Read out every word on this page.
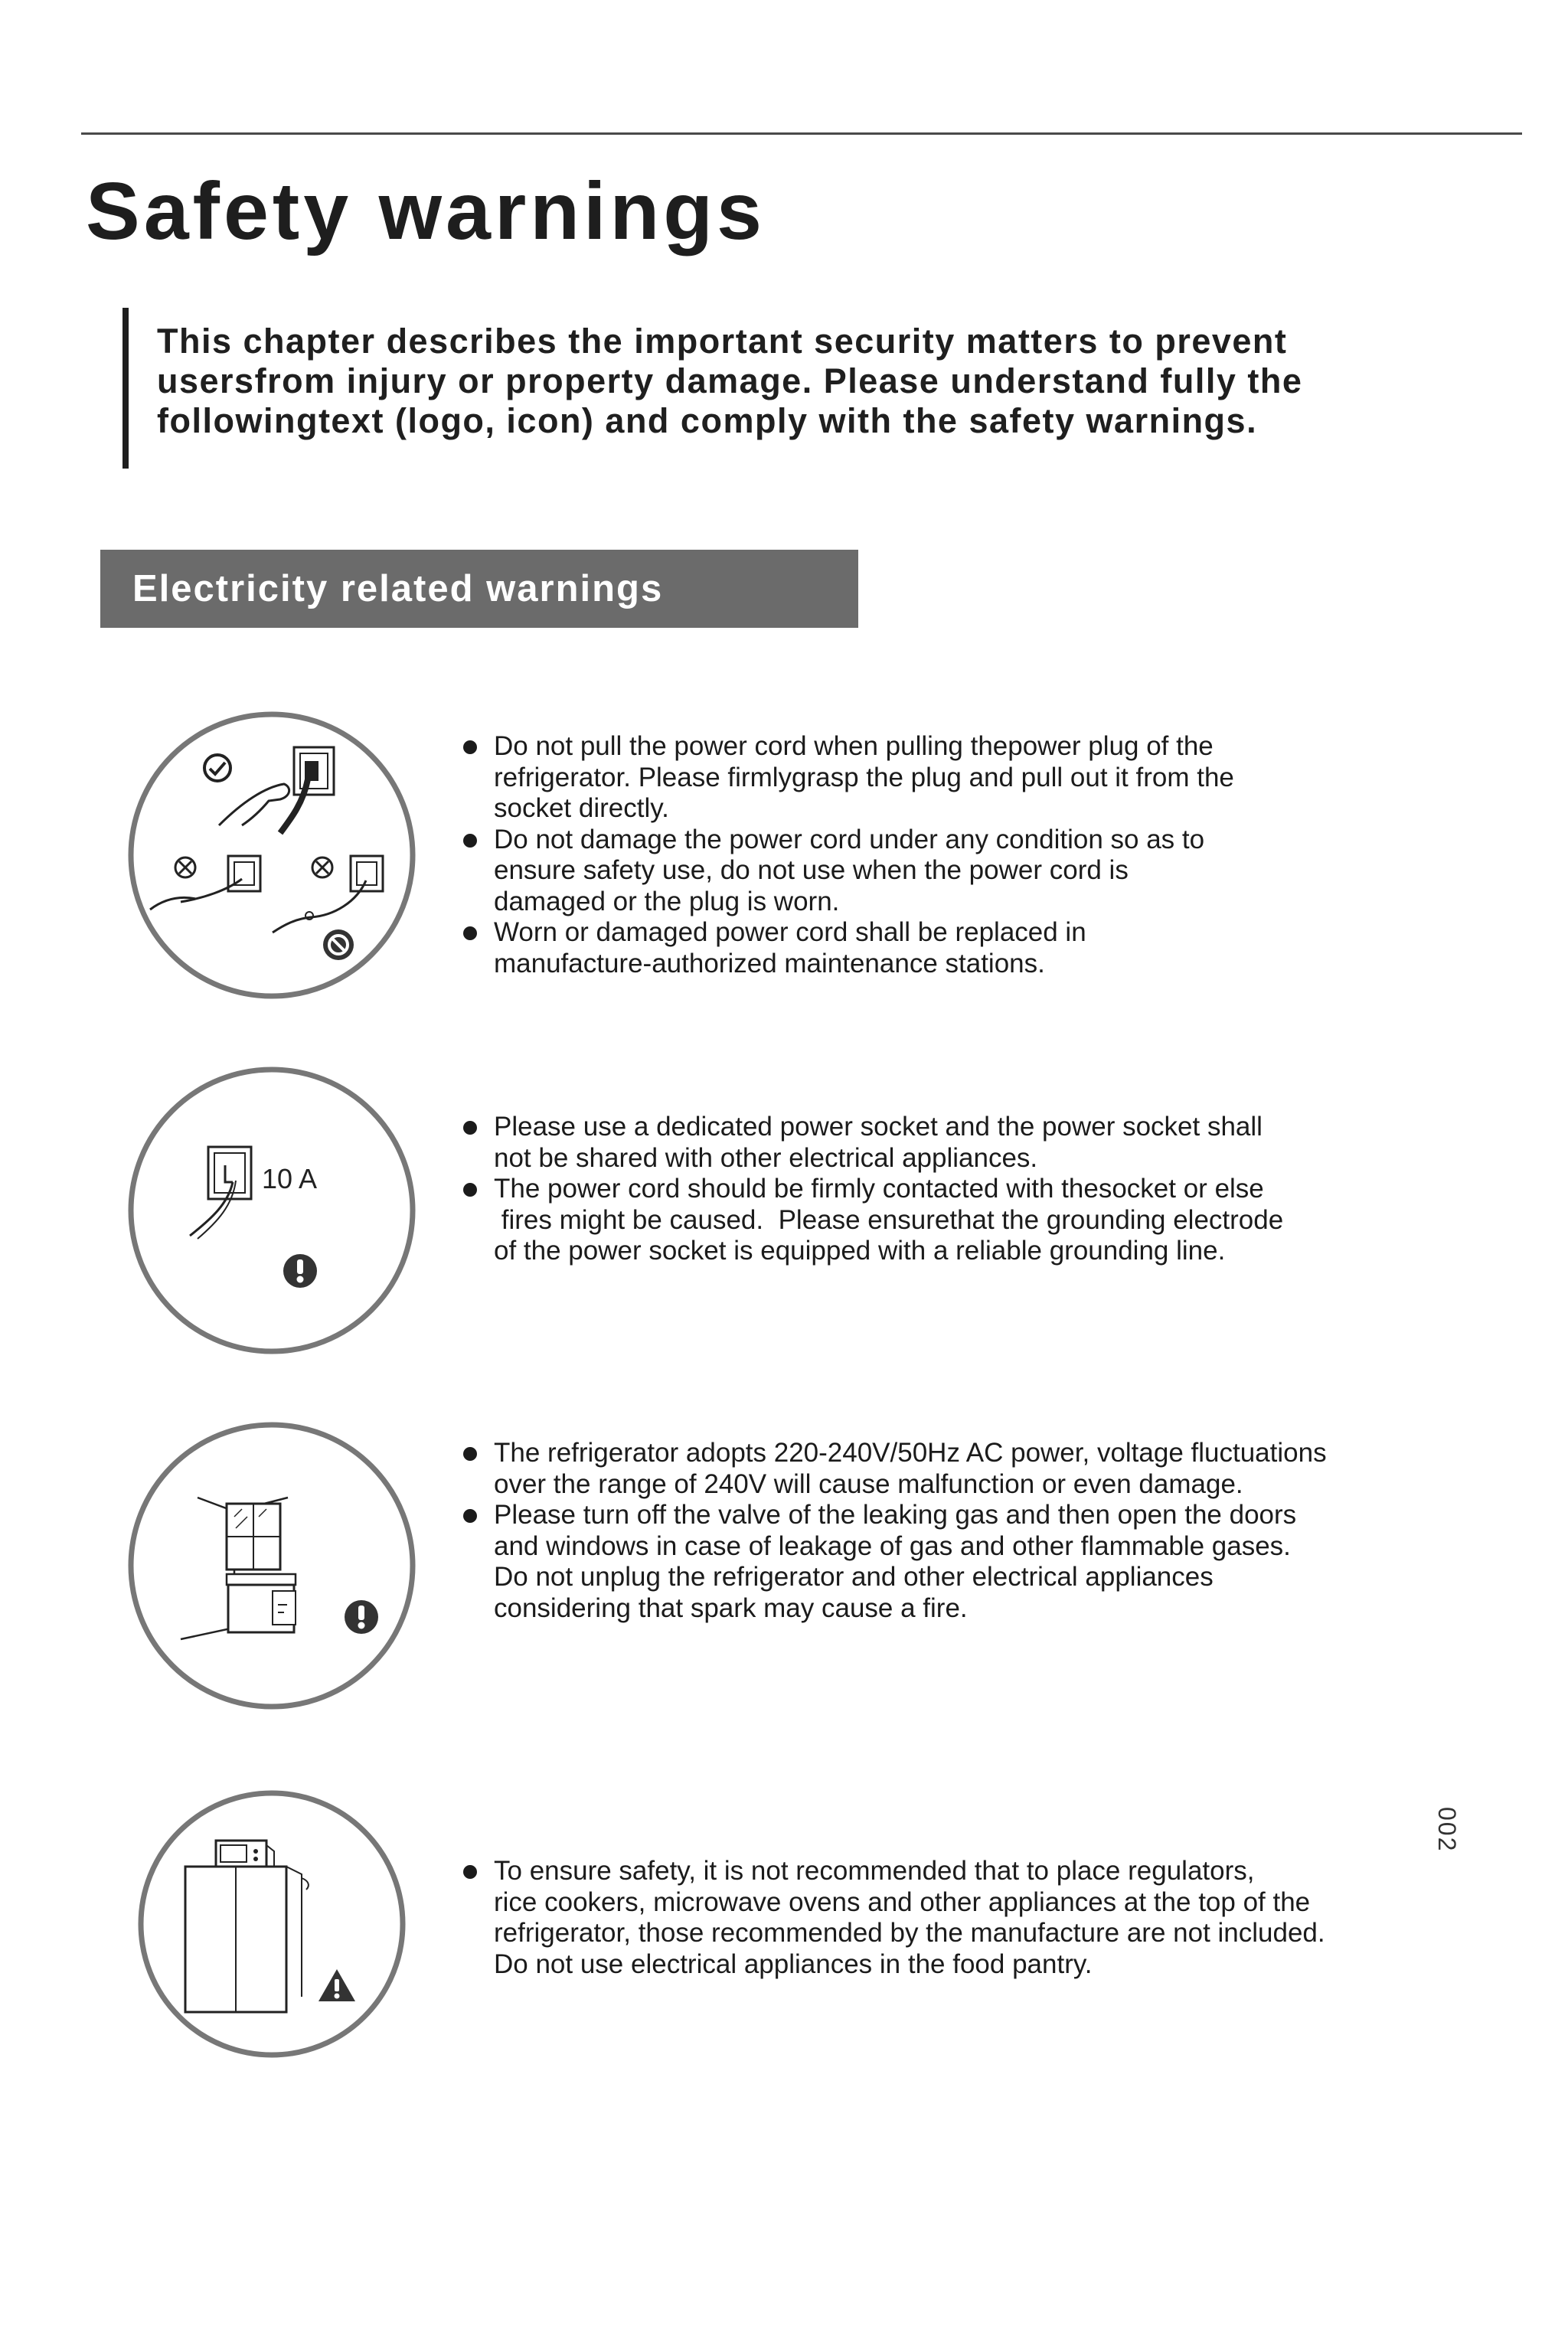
Safety warnings

This chapter describes the important security matters to prevent
usersfrom injury or property damage. Please understand fully the
followingtext (logo, icon) and comply with the safety warnings.

Electricity related warnings
Do not pull the power cord when pulling thepower plug of the
refrigerator. Please firmlygrasp the plug and pull out it from the
socket directly.
Do not damage the power cord under any condition so as to
ensure safety use, do not use when the power cord is
damaged or the plug is worn.
Worn or damaged power cord shall be replaced in
manufacture-authorized maintenance stations.
10 A
Please use a dedicated power socket and the power socket shall
not be shared with other electrical appliances.
The power cord should be firmly contacted with thesocket or else
fires might be caused.  Please ensurethat the grounding electrode
of the power socket is equipped with a reliable grounding line.
The refrigerator adopts 220-240V/50Hz AC power, voltage fluctuations
over the range of 240V will cause malfunction or even damage.
Please turn off the valve of the leaking gas and then open the doors
and windows in case of leakage of gas and other flammable gases.
Do not unplug the refrigerator and other electrical appliances
considering that spark may cause a fire.
To ensure safety, it is not recommended that to place regulators,
rice cookers, microwave ovens and other appliances at the top of the
refrigerator, those recommended by the manufacture are not included.
Do not use electrical appliances in the food pantry.
002
